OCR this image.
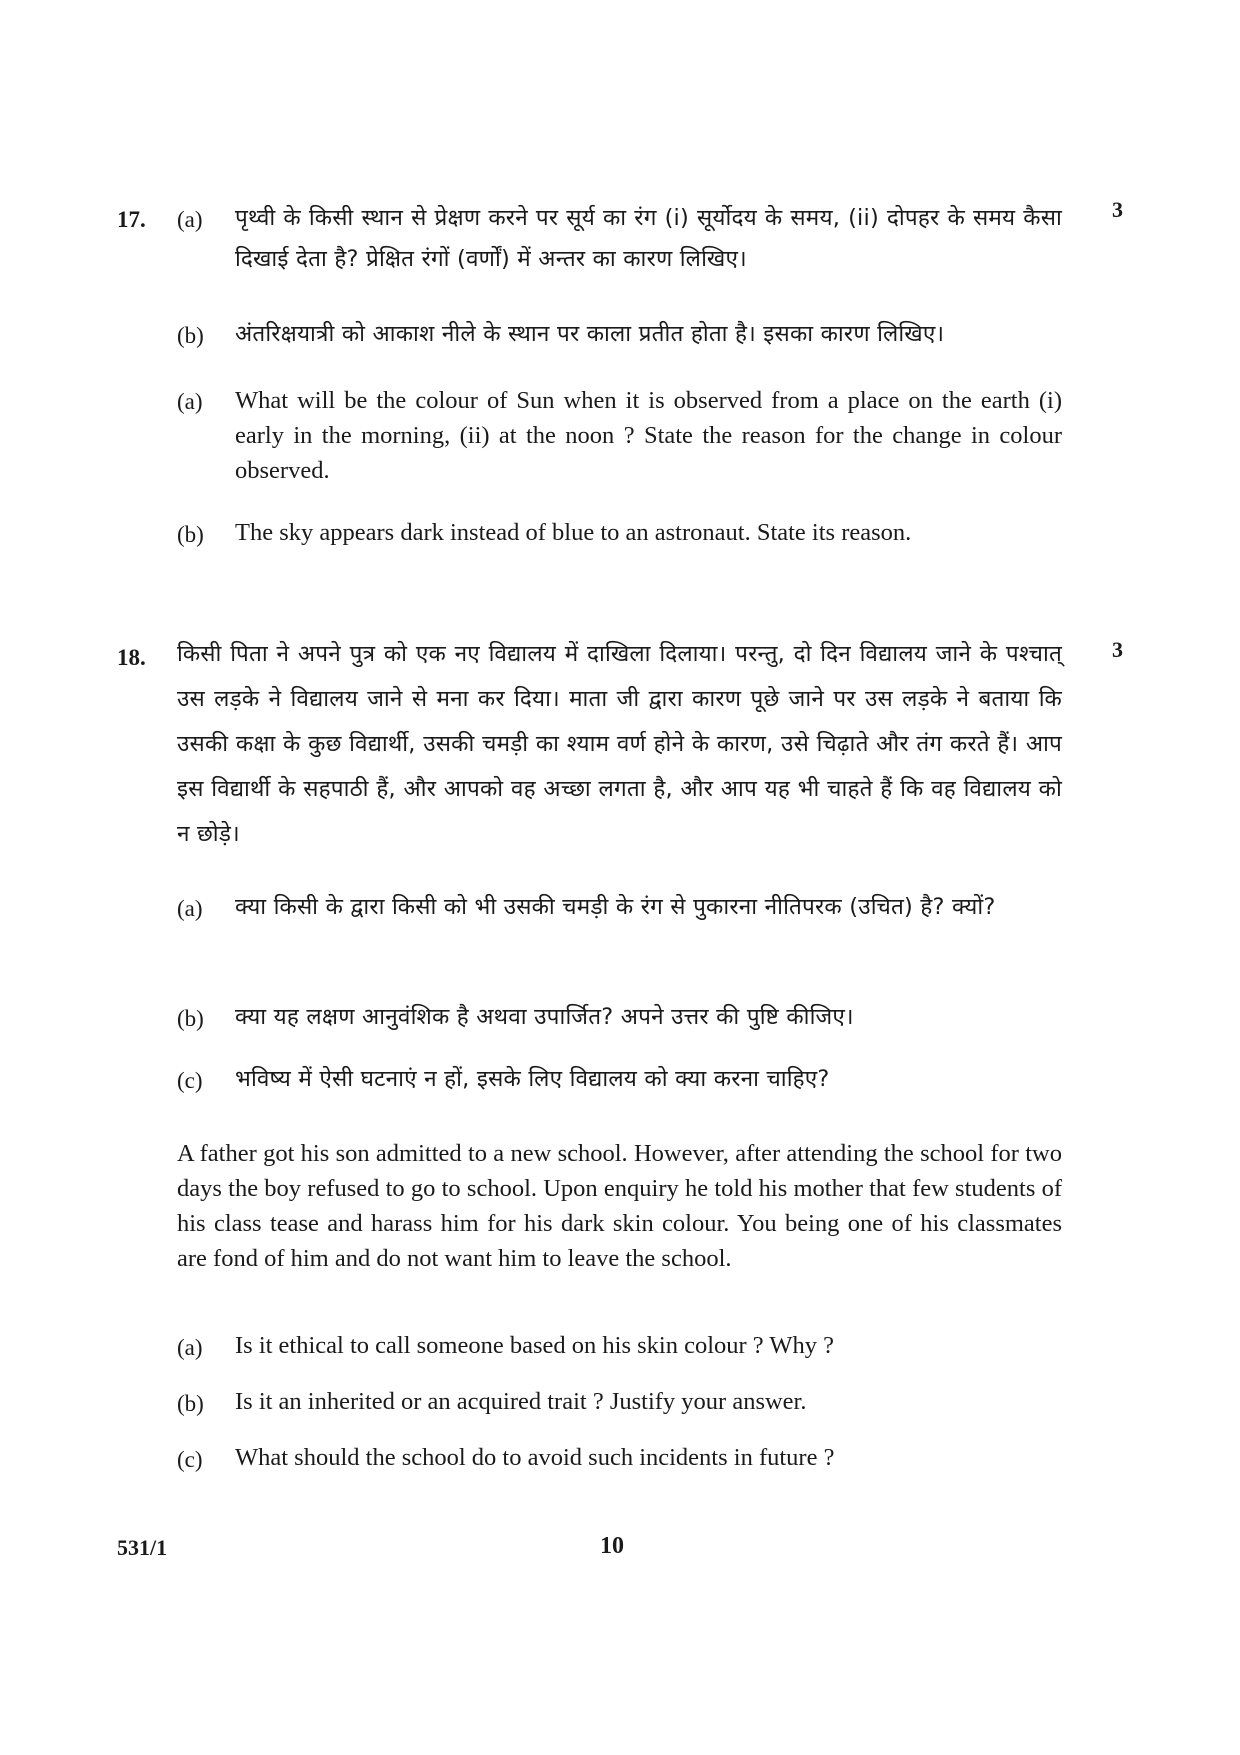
17.	3
(a) पृथ्वी के किसी स्थान से प्रेक्षण करने पर सूर्य का रंग (i) सूर्योदय के समय, (ii) दोपहर के समय कैसा दिखाई देता है? प्रेक्षित रंगों (वर्णों) में अन्तर का कारण लिखिए।
(b) अंतरिक्षयात्री को आकाश नीले के स्थान पर काला प्रतीत होता है। इसका कारण लिखिए।
(a) What will be the colour of Sun when it is observed from a place on the earth (i) early in the morning, (ii) at the noon ? State the reason for the change in colour observed.
(b) The sky appears dark instead of blue to an astronaut. State its reason.
18.	3
किसी पिता ने अपने पुत्र को एक नए विद्यालय में दाखिला दिलाया। परन्तु, दो दिन विद्यालय जाने के पश्चात् उस लड़के ने विद्यालय जाने से मना कर दिया। माता जी द्वारा कारण पूछे जाने पर उस लड़के ने बताया कि उसकी कक्षा के कुछ विद्यार्थी, उसकी चमड़ी का श्याम वर्ण होने के कारण, उसे चिढ़ाते और तंग करते हैं। आप इस विद्यार्थी के सहपाठी हैं, और आपको वह अच्छा लगता है, और आप यह भी चाहते हैं कि वह विद्यालय को न छोड़े।
(a) क्या किसी के द्वारा किसी को भी उसकी चमड़ी के रंग से पुकारना नीतिपरक (उचित) है? क्यों?
(b) क्या यह लक्षण आनुवंशिक है अथवा उपार्जित? अपने उत्तर की पुष्टि कीजिए।
(c) भविष्य में ऐसी घटनाएं न हों, इसके लिए विद्यालय को क्या करना चाहिए?
A father got his son admitted to a new school. However, after attending the school for two days the boy refused to go to school. Upon enquiry he told his mother that few students of his class tease and harass him for his dark skin colour. You being one of his classmates are fond of him and do not want him to leave the school.
(a) Is it ethical to call someone based on his skin colour ? Why ?
(b) Is it an inherited or an acquired trait ? Justify your answer.
(c) What should the school do to avoid such incidents in future ?
531/1	10
